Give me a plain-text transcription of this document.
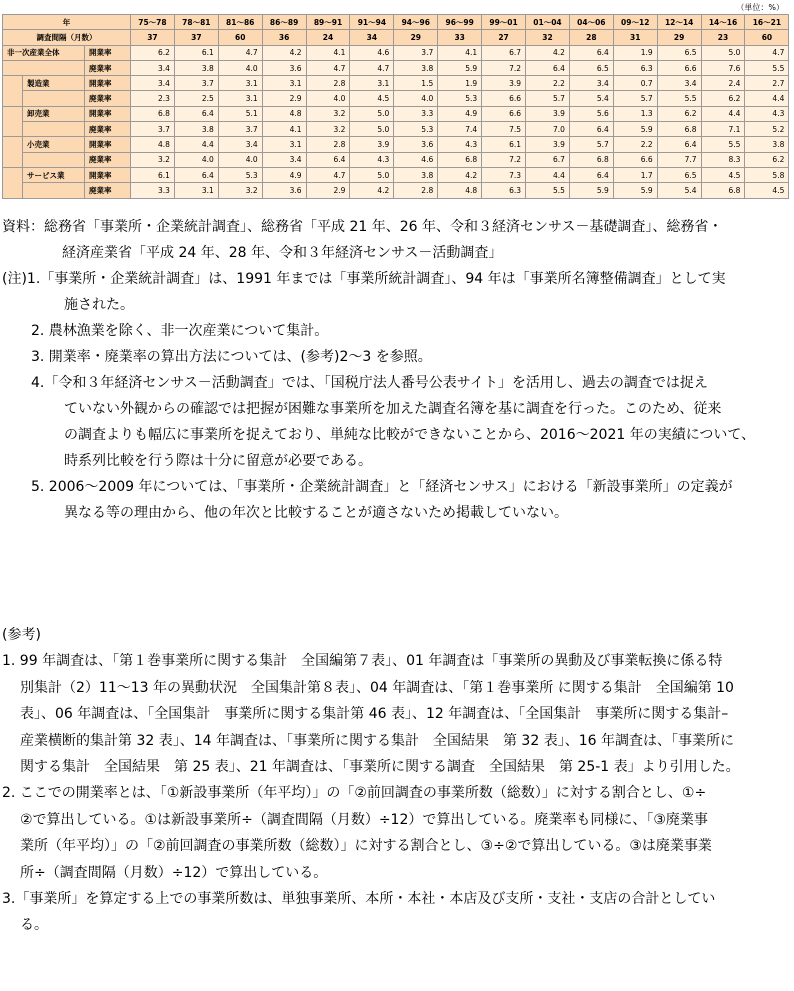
（単位：%）
年			75～78	78～81	81～86	86～89	89～91	91～94	94～96	96～99	99～01	01～04	04～06	09～12	12～14	14～16	16～21
調査間隔（月数）			37	37	60	36	24	34	29	33	27	32	28	31	29	23	60
非一次産業全体		開業率	6.2	6.1	4.7	4.2	4.1	4.6	3.7	4.1	6.7	4.2	6.4	1.9	6.5	5.0	4.7
		廃業率	3.4	3.8	4.0	3.6	4.7	4.7	3.8	5.9	7.2	6.4	6.5	6.3	6.6	7.6	5.5
	製造業	開業率	3.4	3.7	3.1	3.1	2.8	3.1	1.5	1.9	3.9	2.2	3.4	0.7	3.4	2.4	2.7
		廃業率	2.3	2.5	3.1	2.9	4.0	4.5	4.0	5.3	6.6	5.7	5.4	5.7	5.5	6.2	4.4
	卸売業	開業率	6.8	6.4	5.1	4.8	3.2	5.0	3.3	4.9	6.6	3.9	5.6	1.3	6.2	4.4	4.3
		廃業率	3.7	3.8	3.7	4.1	3.2	5.0	5.3	7.4	7.5	7.0	6.4	5.9	6.8	7.1	5.2
	小売業	開業率	4.8	4.4	3.4	3.1	2.8	3.9	3.6	4.3	6.1	3.9	5.7	2.2	6.4	5.5	3.8
		廃業率	3.2	4.0	4.0	3.4	6.4	4.3	4.6	6.8	7.2	6.7	6.8	6.6	7.7	8.3	6.2
	サービス業	開業率	6.1	6.4	5.3	4.9	4.7	5.0	3.8	4.2	7.3	4.4	6.4	1.7	6.5	4.5	5.8
		廃業率	3.3	3.1	3.2	3.6	2.9	4.2	2.8	4.8	6.3	5.5	5.9	5.9	5.4	6.8	4.5

資料：総務省「事業所・企業統計調査」、総務省「平成 21 年、26 年、令和３経済センサス－基礎調査」、総務省・

経済産業省「平成 24 年、28 年、令和３年経済センサス－活動調査」

(注)1.「事業所・企業統計調査」は、1991 年までは「事業所統計調査」、94 年は「事業所名簿整備調査」として実

施された。

2. 農林漁業を除く、非一次産業について集計。

3. 開業率・廃業率の算出方法については、(参考)2～3 を参照。

4.「令和３年経済センサス－活動調査」では、「国税庁法人番号公表サイト」を活用し、過去の調査では捉え

ていない外観からの確認では把握が困難な事業所を加えた調査名簿を基に調査を行った。このため、従来

の調査よりも幅広に事業所を捉えており、単純な比較ができないことから、2016～2021 年の実績について、

時系列比較を行う際は十分に留意が必要である。

5. 2006～2009 年については、「事業所・企業統計調査」と「経済センサス」における「新設事業所」の定義が

異なる等の理由から、他の年次と比較することが適さないため掲載していない。

(参考)

1. 99 年調査は、「第１巻事業所に関する集計　全国編第７表」、01 年調査は「事業所の異動及び事業転換に係る特

別集計（2）11～13 年の異動状況　全国集計第８表」、04 年調査は、「第１巻事業所 に関する集計　全国編第 10

表」、06 年調査は、「全国集計　事業所に関する集計第 46 表」、12 年調査は、「全国集計　事業所に関する集計–

産業横断的集計第 32 表」、14 年調査は、「事業所に関する集計　全国結果　第 32 表」、16 年調査は、「事業所に

関する集計　全国結果　第 25 表」、21 年調査は、「事業所に関する調査　全国結果　第 25-1 表」より引用した。

2. ここでの開業率とは、「①新設事業所（年平均）」の「②前回調査の事業所数（総数）」に対する割合とし、①÷

②で算出している。①は新設事業所÷（調査間隔（月数）÷12）で算出している。廃業率も同様に、「③廃業事

業所（年平均）」の「②前回調査の事業所数（総数）」に対する割合とし、③÷②で算出している。③は廃業事業

所÷（調査間隔（月数）÷12）で算出している。

3.「事業所」を算定する上での事業所数は、単独事業所、本所・本社・本店及び支所・支社・支店の合計としてい

る。
